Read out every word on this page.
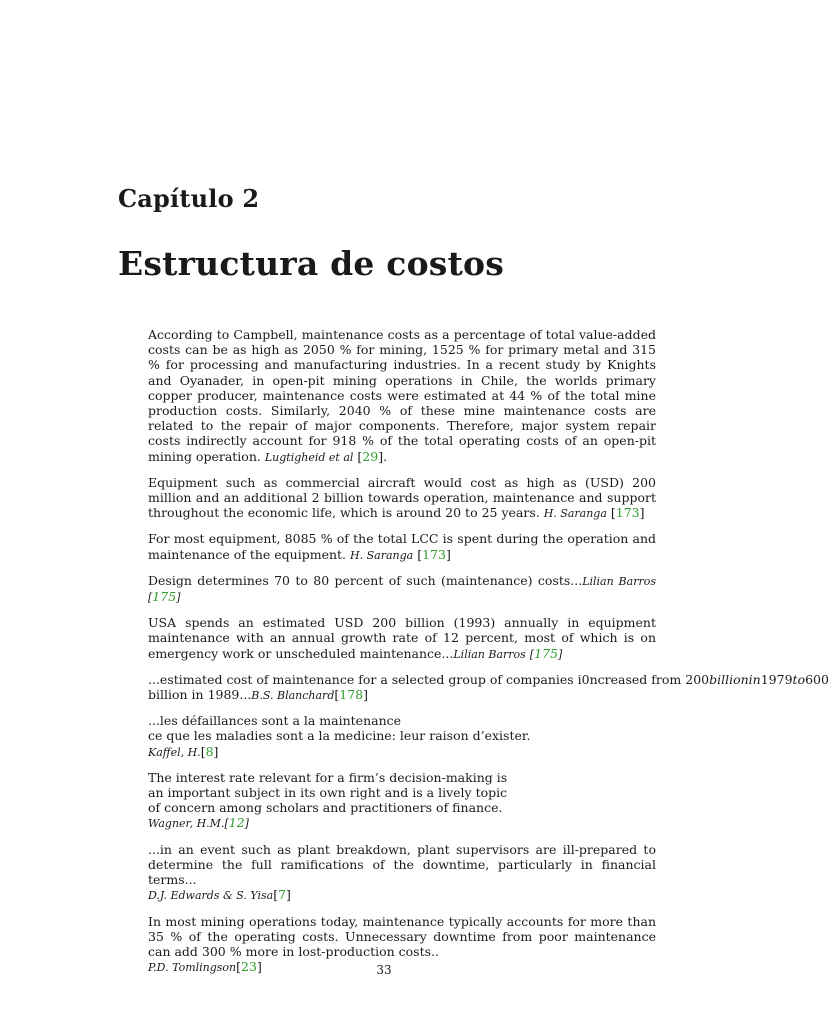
Capítulo 2
Estructura de costos

According to Campbell, maintenance costs as a percentage of total value-added costs can be as high as 2050 % for mining, 1525 % for primary metal and 315 % for processing and manufacturing industries. In a recent study by Knights and Oyanader, in open-pit mining operations in Chile, the worlds primary copper producer, maintenance costs were estimated at 44 % of the total mine production costs. Similarly, 2040 % of these mine maintenance costs are related to the repair of major components. Therefore, major system repair costs indirectly account for 918 % of the total operating costs of an open-pit mining operation. Lugtigheid et al [29].

Equipment such as commercial aircraft would cost as high as (USD) 200 million and an additional 2 billion towards operation, maintenance and support throughout the economic life, which is around 20 to 25 years. H. Saranga [173]

For most equipment, 8085 % of the total LCC is spent during the operation and maintenance of the equipment. H. Saranga [173]

Design determines 70 to 80 percent of such (maintenance) costs...Lilian Barros [175]

USA spends an estimated USD 200 billion (1993) annually in equipment maintenance with an annual growth rate of 12 percent, most of which is on emergency work or unscheduled maintenance...Lilian Barros [175]

...estimated cost of maintenance for a selected group of companies i0ncreased from 200billionin1979to600
billion in 1989...B.S. Blanchard[178]

...les défaillances sont a la maintenance
ce que les maladies sont a la medicine: leur raison d’exister.
Kaffel, H.[8]

The interest rate relevant for a firm’s decision-making is
an important subject in its own right and is a lively topic
of concern among scholars and practitioners of finance.
Wagner, H.M.[12]

...in an event such as plant breakdown, plant supervisors are ill-prepared to determine the full ramifications of the downtime, particularly in financial terms...
D.J. Edwards & S. Yisa[7]

In most mining operations today, maintenance typically accounts for more than 35 % of the operating costs. Unnecessary downtime from poor maintenance can add 300 % more in lost-production costs..
P.D. Tomlingson[23]	33
